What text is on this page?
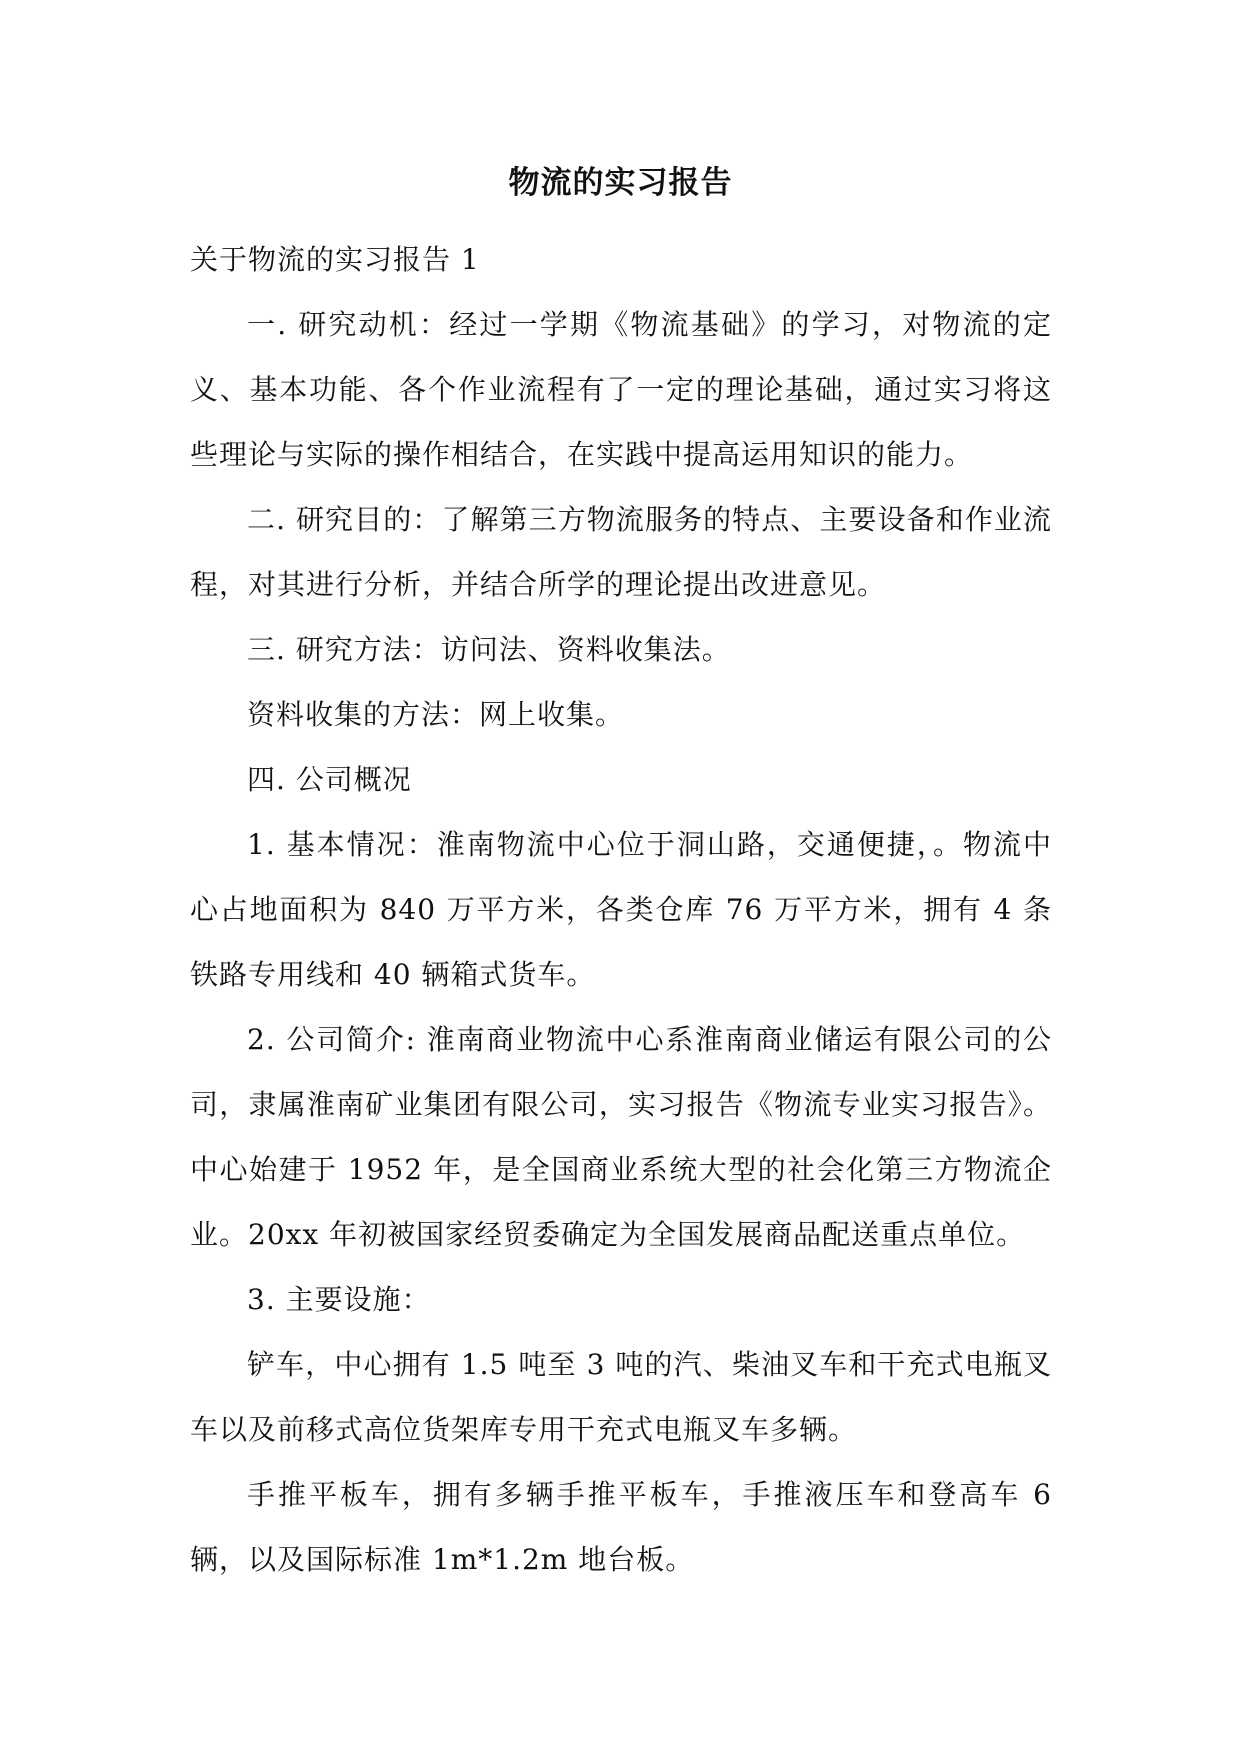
物流的实习报告

关于物流的实习报告 1

一. 研究动机：经过一学期《物流基础》的学习，对物流的定义、基本功能、各个作业流程有了一定的理论基础，通过实习将这些理论与实际的操作相结合，在实践中提高运用知识的能力。

二. 研究目的：了解第三方物流服务的特点、主要设备和作业流程，对其进行分析，并结合所学的理论提出改进意见。

三. 研究方法：访问法、资料收集法。

资料收集的方法：网上收集。

四. 公司概况

1. 基本情况：淮南物流中心位于洞山路，交通便捷，。物流中心占地面积为 840 万平方米，各类仓库 76 万平方米，拥有 4 条铁路专用线和 40 辆箱式货车。

2. 公司简介: 淮南商业物流中心系淮南商业储运有限公司的公司，隶属淮南矿业集团有限公司，实习报告《物流专业实习报告》。中心始建于 1952 年，是全国商业系统大型的社会化第三方物流企业。20xx 年初被国家经贸委确定为全国发展商品配送重点单位。

3. 主要设施：

铲车，中心拥有 1.5 吨至 3 吨的汽、柴油叉车和干充式电瓶叉车以及前移式高位货架库专用干充式电瓶叉车多辆。

手推平板车，拥有多辆手推平板车，手推液压车和登高车 6 辆，以及国际标准 1m*1.2m 地台板。
